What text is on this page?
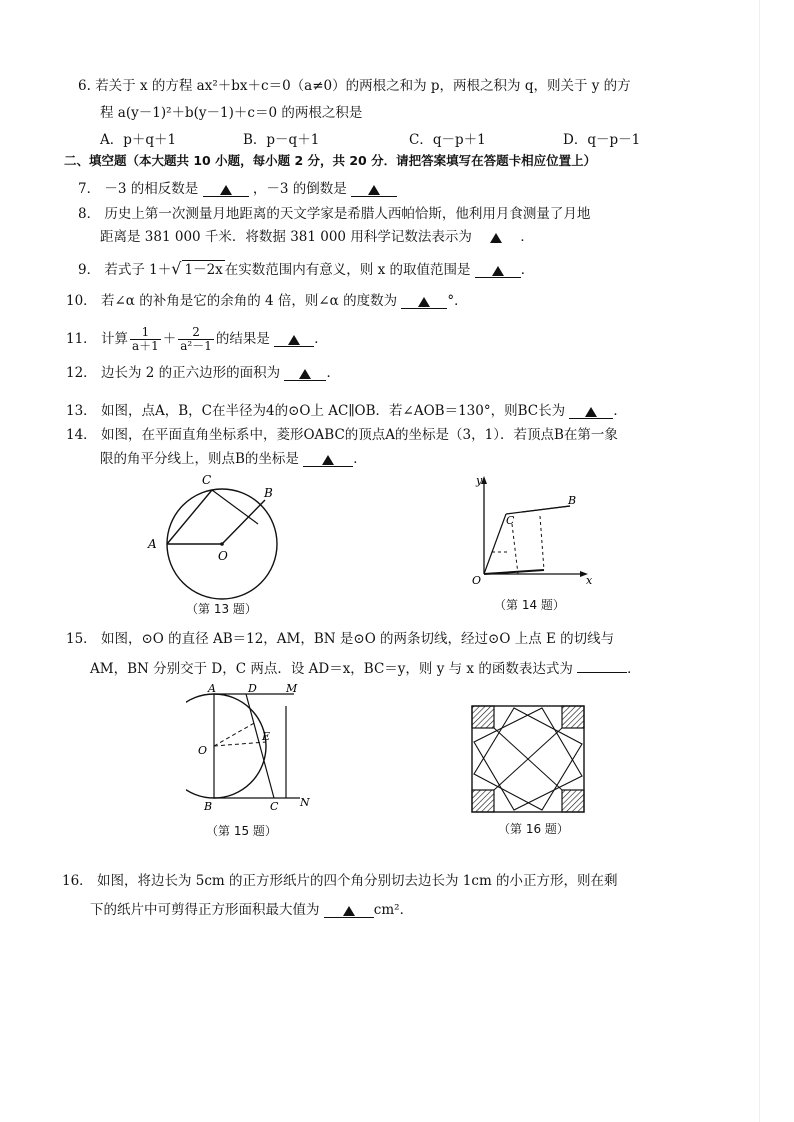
6. 若关于 x 的方程 ax²＋bx＋c＝0（a≠0）的两根之和为 p，两根之积为 q，则关于 y 的方
程 a(y－1)²＋b(y－1)＋c＝0 的两根之积是
A．p＋q＋1	B．p－q＋1	C．q－p＋1	D．q－p－1
二、填空题（本大题共 10 小题，每小题 2 分，共 20 分．请把答案填写在答题卡相应位置上）
7． －3 的相反数是	，－3 的倒数是
8． 历史上第一次测量月地距离的天文学家是希腊人西帕恰斯，他利用月食测量了月地
距离是 381 000 千米．将数据 381 000 用科学记数法表示为	．
9． 若式子 1＋√ 1－2x 在实数范围内有意义，则 x 的取值范围是	．
10． 若∠α 的补角是它的余角的 4 倍，则∠α 的度数为	°．
11． 计算 $\frac{1}{a+1} + \frac{2}{\text{a²－1}}$ 的结果是	．
12． 边长为 2 的正六边形的面积为	．
13． 如图，点A，B，C在半径为4的⊙O上 AC∥OB．若∠AOB＝130°，则BC长为	．
14． 如图，在平面直角坐标系中，菱形OABC的顶点A的坐标是（3，1）．若顶点B在第一象
限的角平分线上，则点B的坐标是	．
A
B
C
O
（第 13 题）
y
x
O
B
C
（第 14 题）
15． 如图，⊙O 的直径 AB＝12，AM，BN 是⊙O 的两条切线，经过⊙O 上点 E 的切线与
AM，BN 分别交于 D，C 两点．设 AD＝x，BC＝y，则 y 与 x 的函数表达式为	．
A	D	M
O
E
B	C N
（第 15 题）	（第 16 题）
16． 如图，将边长为 5cm 的正方形纸片的四个角分别切去边长为 1cm 的小正方形，则在剩
下的纸片中可剪得正方形面积最大值为	cm²．
